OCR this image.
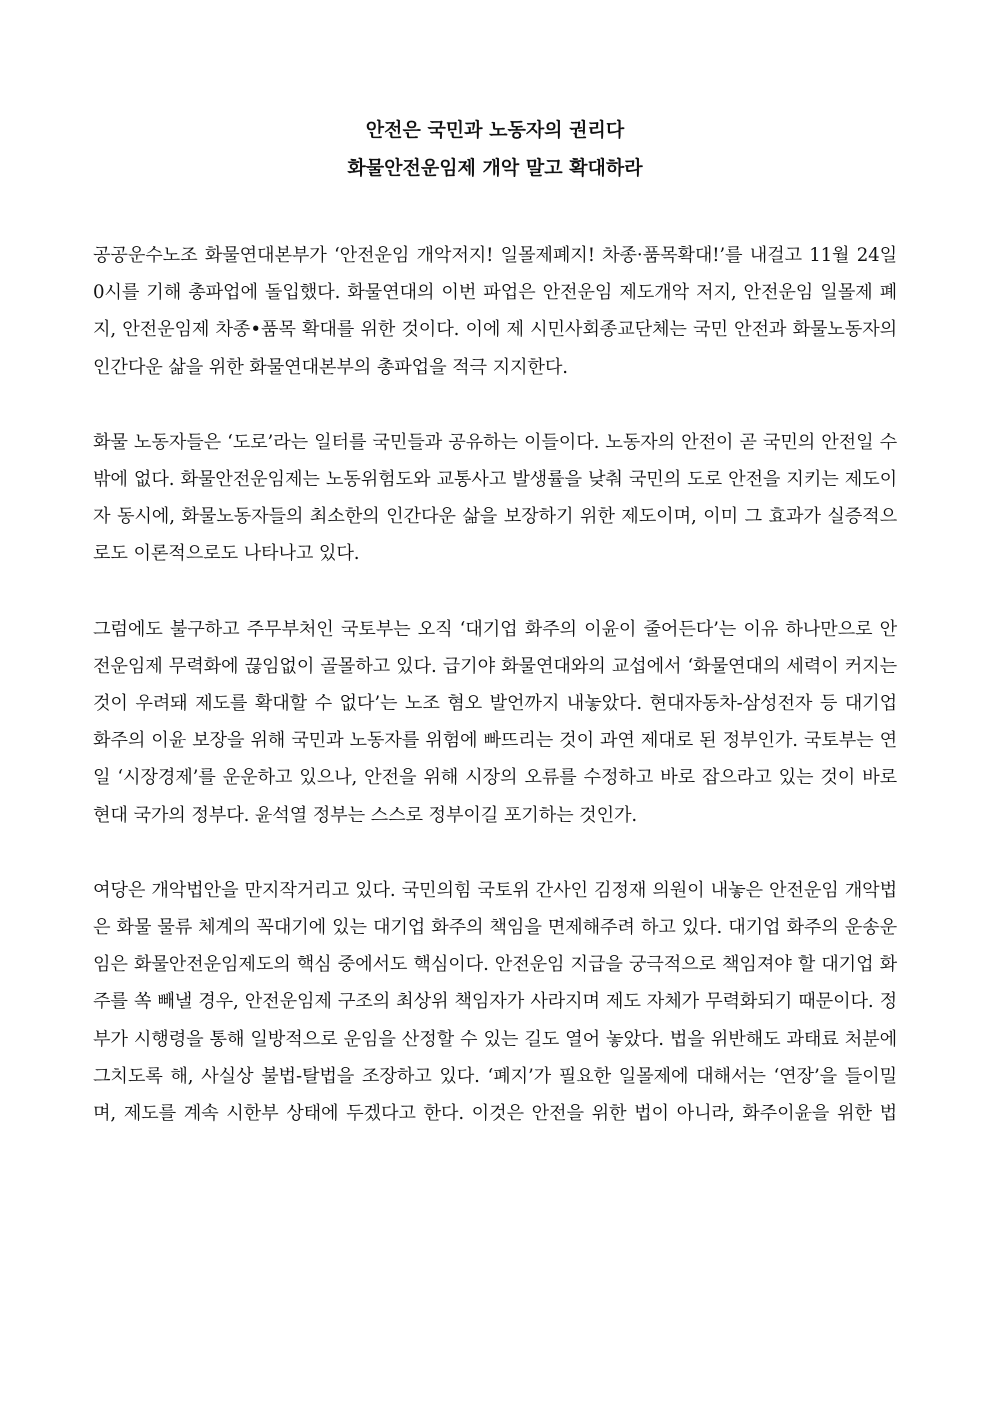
안전은 국민과 노동자의 권리다

화물안전운임제 개악 말고 확대하라

공공운수노조 화물연대본부가 ‘안전운임 개악저지! 일몰제폐지! 차종·품목확대!’를 내걸고 11월 24일 0시를 기해 총파업에 돌입했다. 화물연대의 이번 파업은 안전운임 제도개악 저지, 안전운임 일몰제 폐지, 안전운임제 차종•품목 확대를 위한 것이다. 이에 제 시민사회종교단체는 국민 안전과 화물노동자의 인간다운 삶을 위한 화물연대본부의 총파업을 적극 지지한다.

화물 노동자들은 ‘도로’라는 일터를 국민들과 공유하는 이들이다. 노동자의 안전이 곧 국민의 안전일 수밖에 없다. 화물안전운임제는 노동위험도와 교통사고 발생률을 낮춰 국민의 도로 안전을 지키는 제도이자 동시에, 화물노동자들의 최소한의 인간다운 삶을 보장하기 위한 제도이며, 이미 그 효과가 실증적으로도 이론적으로도 나타나고 있다.

그럼에도 불구하고 주무부처인 국토부는 오직 ‘대기업 화주의 이윤이 줄어든다’는 이유 하나만으로 안전운임제 무력화에 끊임없이 골몰하고 있다. 급기야 화물연대와의 교섭에서 ‘화물연대의 세력이 커지는 것이 우려돼 제도를 확대할 수 없다’는 노조 혐오 발언까지 내놓았다. 현대자동차-삼성전자 등 대기업 화주의 이윤 보장을 위해 국민과 노동자를 위험에 빠뜨리는 것이 과연 제대로 된 정부인가. 국토부는 연일 ‘시장경제’를 운운하고 있으나, 안전을 위해 시장의 오류를 수정하고 바로 잡으라고 있는 것이 바로 현대 국가의 정부다. 윤석열 정부는 스스로 정부이길 포기하는 것인가.

여당은 개악법안을 만지작거리고 있다. 국민의힘 국토위 간사인 김정재 의원이 내놓은 안전운임 개악법은 화물 물류 체계의 꼭대기에 있는 대기업 화주의 책임을 면제해주려 하고 있다. 대기업 화주의 운송운임은 화물안전운임제도의 핵심 중에서도 핵심이다. 안전운임 지급을 궁극적으로 책임져야 할 대기업 화주를 쏙 빼낼 경우, 안전운임제 구조의 최상위 책임자가 사라지며 제도 자체가 무력화되기 때문이다. 정부가 시행령을 통해 일방적으로 운임을 산정할 수 있는 길도 열어 놓았다. 법을 위반해도 과태료 처분에 그치도록 해, 사실상 불법-탈법을 조장하고 있다. ‘폐지’가 필요한 일몰제에 대해서는 ‘연장’을 들이밀며, 제도를 계속 시한부 상태에 두겠다고 한다. 이것은 안전을 위한 법이 아니라, 화주이윤을 위한 법
